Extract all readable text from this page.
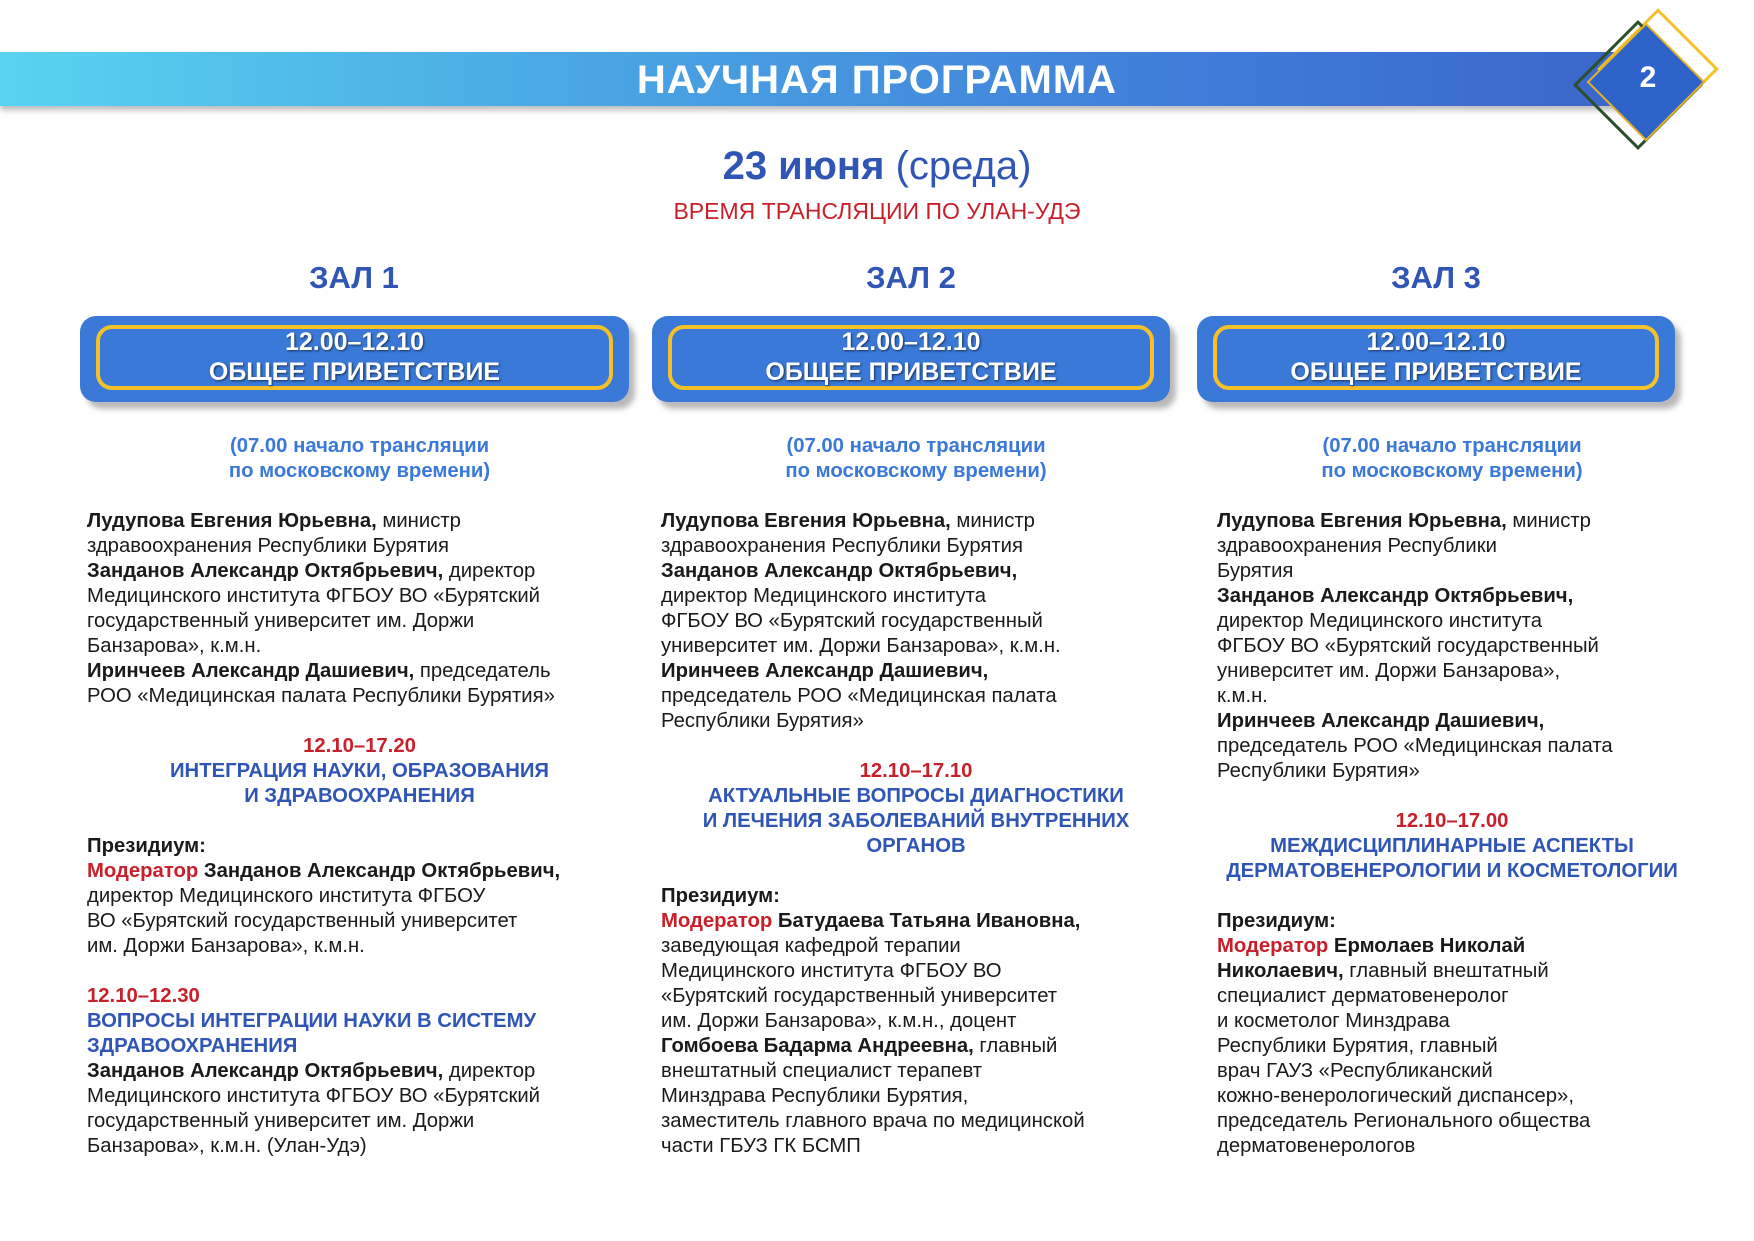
НАУЧНАЯ ПРОГРАММА	2
23 июня (среда)
ВРЕМЯ ТРАНСЛЯЦИИ ПО УЛАН-УДЭ
ЗАЛ 1	ЗАЛ 2	ЗАЛ 3
12.00–12.10
ОБЩЕЕ ПРИВЕТСТВИЕ
12.00–12.10
ОБЩЕЕ ПРИВЕТСТВИЕ
12.00–12.10
ОБЩЕЕ ПРИВЕТСТВИЕ
(07.00 начало трансляции
по московскому времени)
Лудупова Евгения Юрьевна, министр
здравоохранения Республики Бурятия
Занданов Александр Октябрьевич, директор
Медицинского института ФГБОУ ВО «Бурятский
государственный университет им. Доржи
Банзарова», к.м.н.
Иринчеев Александр Дашиевич, председатель
РОО «Медицинская палата Республики Бурятия»
12.10–17.20
ИНТЕГРАЦИЯ НАУКИ, ОБРАЗОВАНИЯ
И ЗДРАВООХРАНЕНИЯ
Президиум:
Модератор Занданов Александр Октябрьевич,
директор Медицинского института ФГБОУ
ВО «Бурятский государственный университет
им. Доржи Банзарова», к.м.н.
12.10–12.30
ВОПРОСЫ ИНТЕГРАЦИИ НАУКИ В СИСТЕМУ
ЗДРАВООХРАНЕНИЯ
Занданов Александр Октябрьевич, директор
Медицинского института ФГБОУ ВО «Бурятский
государственный университет им. Доржи
Банзарова», к.м.н. (Улан-Удэ)
(07.00 начало трансляции
по московскому времени)
Лудупова Евгения Юрьевна, министр
здравоохранения Республики Бурятия
Занданов Александр Октябрьевич,
директор Медицинского института
ФГБОУ ВО «Бурятский государственный
университет им. Доржи Банзарова», к.м.н.
Иринчеев Александр Дашиевич,
председатель РОО «Медицинская палата
Республики Бурятия»
12.10–17.10
АКТУАЛЬНЫЕ ВОПРОСЫ ДИАГНОСТИКИ
И ЛЕЧЕНИЯ ЗАБОЛЕВАНИЙ ВНУТРЕННИХ
ОРГАНОВ
Президиум:
Модератор Батудаева Татьяна Ивановна,
заведующая кафедрой терапии
Медицинского института ФГБОУ ВО
«Бурятский государственный университет
им. Доржи Банзарова», к.м.н., доцент
Гомбоева Бадарма Андреевна, главный
внештатный специалист терапевт
Минздрава Республики Бурятия,
заместитель главного врача по медицинской
части ГБУЗ ГК БСМП
(07.00 начало трансляции
по московскому времени)
Лудупова Евгения Юрьевна, министр
здравоохранения Республики
Бурятия
Занданов Александр Октябрьевич,
директор Медицинского института
ФГБОУ ВО «Бурятский государственный
университет им. Доржи Банзарова»,
к.м.н.
Иринчеев Александр Дашиевич,
председатель РОО «Медицинская палата
Республики Бурятия»
12.10–17.00
МЕЖДИСЦИПЛИНАРНЫЕ АСПЕКТЫ
ДЕРМАТОВЕНЕРОЛОГИИ И КОСМЕТОЛОГИИ
Президиум:
Модератор Ермолаев Николай
Николаевич, главный внештатный
специалист дерматовенеролог
и косметолог Минздрава
Республики Бурятия, главный
врач ГАУЗ «Республиканский
кожно-венерологический диспансер»,
председатель Регионального общества
дерматовенерологов
